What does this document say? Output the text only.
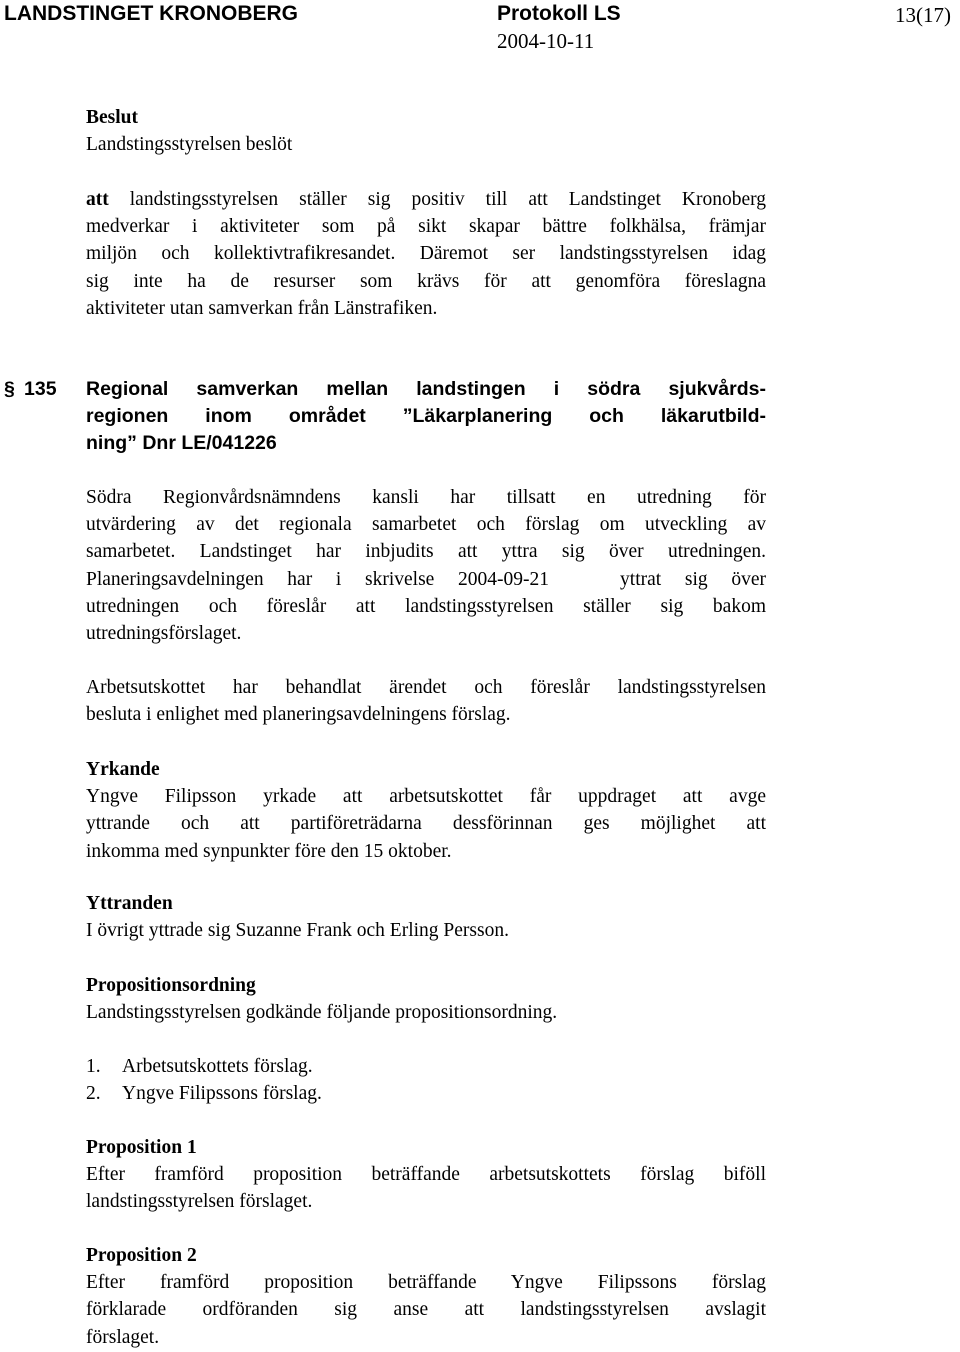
LANDSTINGET KRONOBERG	Protokoll LS
2004-10-11
13(17)

Beslut

Landstingsstyrelsen beslöt

att landstingsstyrelsen ställer sig positiv till att Landstinget Kronoberg

medverkar i aktiviteter som på sikt skapar bättre folkhälsa, främjar

miljön och kollektivtrafikresandet. Däremot ser landstingsstyrelsen idag

sig inte ha de resurser som krävs för att genomföra föreslagna

aktiviteter utan samverkan från Länstrafiken.

§ 135 Regional samverkan mellan landstingen i södra sjukvårds-
regionen inom området ”Läkarplanering och läkarutbild-
ning” Dnr LE/041226

Södra Regionvårdsnämndens kansli har tillsatt en utredning för

utvärdering av det regionala samarbetet och förslag om utveckling av

samarbetet. Landstinget har inbjudits att yttra sig över utredningen.

Planeringsavdelningen har i skrivelse 2004-09-21   yttrat sig över

utredningen och föreslår att landstingsstyrelsen ställer sig bakom

utredningsförslaget.

Arbetsutskottet har behandlat ärendet och föreslår landstingsstyrelsen

besluta i enlighet med planeringsavdelningens förslag.

Yrkande

Yngve Filipsson yrkade att arbetsutskottet får uppdraget att avge

yttrande och att partiföreträdarna dessförinnan ges möjlighet att

inkomma med synpunkter före den 15 oktober.

Yttranden

I övrigt yttrade sig Suzanne Frank och Erling Persson.

Propositionsordning

Landstingsstyrelsen godkände följande propositionsordning.

1. Arbetsutskottets förslag.
2. Yngve Filipssons förslag.

Proposition 1

Efter framförd proposition beträffande arbetsutskottets förslag biföll

landstingsstyrelsen förslaget.

Proposition 2

Efter framförd proposition beträffande Yngve Filipssons förslag

förklarade ordföranden sig anse att landstingsstyrelsen avslagit

förslaget.
